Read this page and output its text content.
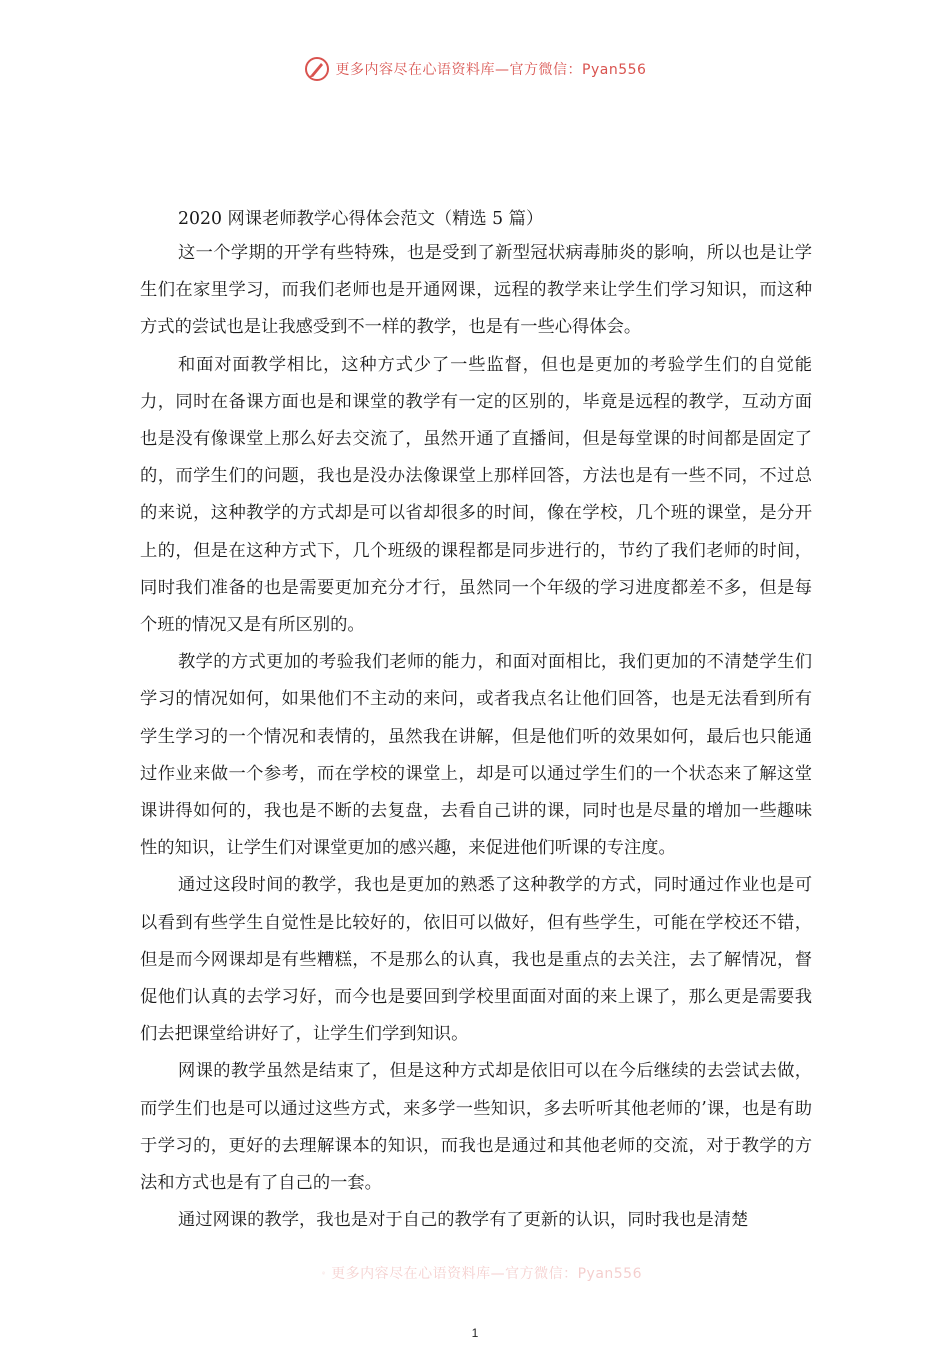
更多内容尽在心语资料库—官方微信：Pyan556
2020 网课老师教学心得体会范文（精选 5 篇）

这一个学期的开学有些特殊，也是受到了新型冠状病毒肺炎的影响，所以也是让学生们在家里学习，而我们老师也是开通网课，远程的教学来让学生们学习知识，而这种方式的尝试也是让我感受到不一样的教学，也是有一些心得体会。

和面对面教学相比，这种方式少了一些监督，但也是更加的考验学生们的自觉能力，同时在备课方面也是和课堂的教学有一定的区别的，毕竟是远程的教学，互动方面也是没有像课堂上那么好去交流了，虽然开通了直播间，但是每堂课的时间都是固定了的，而学生们的问题，我也是没办法像课堂上那样回答，方法也是有一些不同，不过总的来说，这种教学的方式却是可以省却很多的时间，像在学校，几个班的课堂，是分开上的，但是在这种方式下，几个班级的课程都是同步进行的，节约了我们老师的时间，同时我们准备的也是需要更加充分才行，虽然同一个年级的学习进度都差不多，但是每个班的情况又是有所区别的。

教学的方式更加的考验我们老师的能力，和面对面相比，我们更加的不清楚学生们学习的情况如何，如果他们不主动的来问，或者我点名让他们回答，也是无法看到所有学生学习的一个情况和表情的，虽然我在讲解，但是他们听的效果如何，最后也只能通过作业来做一个参考，而在学校的课堂上，却是可以通过学生们的一个状态来了解这堂课讲得如何的，我也是不断的去复盘，去看自己讲的课，同时也是尽量的增加一些趣味性的知识，让学生们对课堂更加的感兴趣，来促进他们听课的专注度。

通过这段时间的教学，我也是更加的熟悉了这种教学的方式，同时通过作业也是可以看到有些学生自觉性是比较好的，依旧可以做好，但有些学生，可能在学校还不错，但是而今网课却是有些糟糕，不是那么的认真，我也是重点的去关注，去了解情况，督促他们认真的去学习好，而今也是要回到学校里面面对面的来上课了，那么更是需要我们去把课堂给讲好了，让学生们学到知识。

网课的教学虽然是结束了，但是这种方式却是依旧可以在今后继续的去尝试去做，而学生们也是可以通过这些方式，来多学一些知识，多去听听其他老师的’课，也是有助于学习的，更好的去理解课本的知识，而我也是通过和其他老师的交流，对于教学的方法和方式也是有了自己的一套。

通过网课的教学，我也是对于自己的教学有了更新的认识，同时我也是清楚

更多内容尽在心语资料库—官方微信：Pyan556
1
